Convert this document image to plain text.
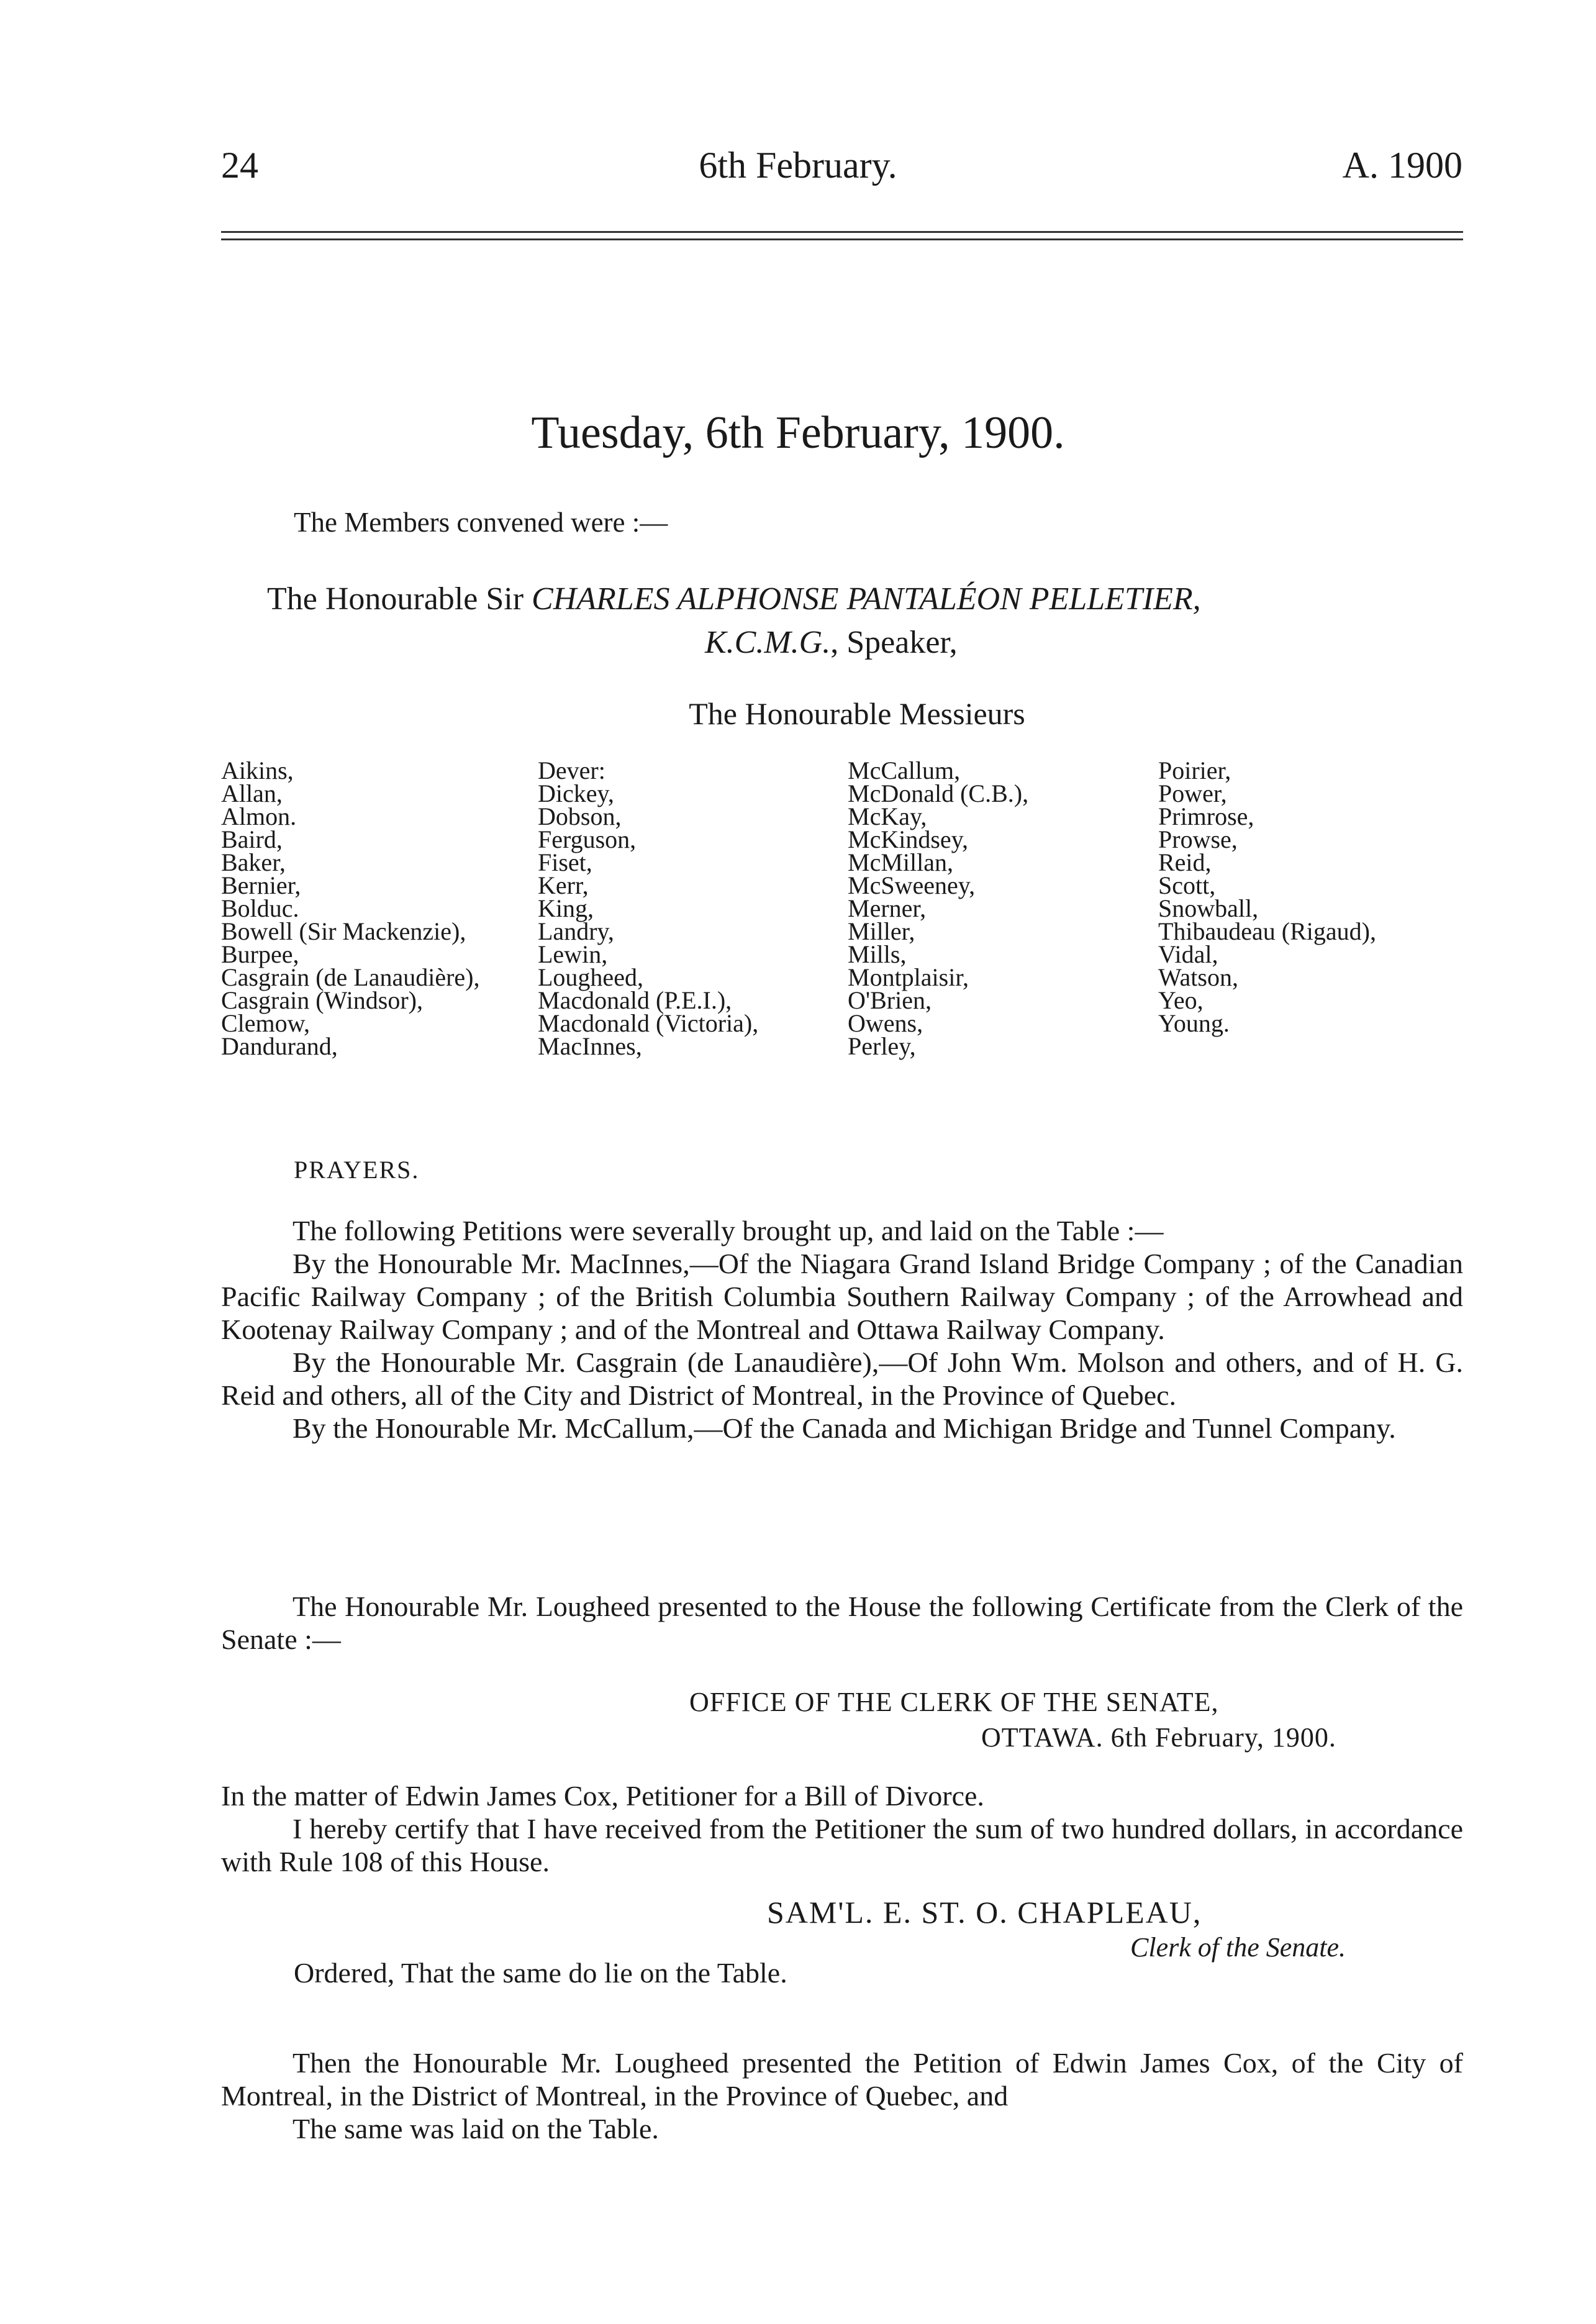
24	6th February.	A. 1900
Tuesday, 6th February, 1900.
The Members convened were :—
The Honourable Sir CHARLES ALPHONSE PANTALÉON PELLETIER,
K.C.M.G., Speaker,
The Honourable Messieurs
Aikins,
Allan,
Almon.
Baird,
Baker,
Bernier,
Bolduc.
Bowell (Sir Mackenzie),
Burpee,
Casgrain (de Lanaudière),
Casgrain (Windsor),
Clemow,
Dandurand,
Dever:
Dickey,
Dobson,
Ferguson,
Fiset,
Kerr,
King,
Landry,
Lewin,
Lougheed,
Macdonald (P.E.I.),
Macdonald (Victoria),
MacInnes,
McCallum,
McDonald (C.B.),
McKay,
McKindsey,
McMillan,
McSweeney,
Merner,
Miller,
Mills,
Montplaisir,
O'Brien,
Owens,
Perley,
Poirier,
Power,
Primrose,
Prowse,
Reid,
Scott,
Snowball,
Thibaudeau (Rigaud),
Vidal,
Watson,
Yeo,
Young.
PRAYERS.

The following Petitions were severally brought up, and laid on the Table :—

By the Honourable Mr. MacInnes,—Of the Niagara Grand Island Bridge Company ; of the Canadian Pacific Railway Company ; of the British Columbia Southern Railway Company ; of the Arrowhead and Kootenay Railway Company ; and of the Montreal and Ottawa Railway Company.

By the Honourable Mr. Casgrain (de Lanaudière),—Of John Wm. Molson and others, and of H. G. Reid and others, all of the City and District of Montreal, in the Province of Quebec.

By the Honourable Mr. McCallum,—Of the Canada and Michigan Bridge and Tunnel Company.

The Honourable Mr. Lougheed presented to the House the following Certificate from the Clerk of the Senate :—

OFFICE OF THE CLERK OF THE SENATE,
OTTAWA. 6th February, 1900.

In the matter of Edwin James Cox, Petitioner for a Bill of Divorce.

I hereby certify that I have received from the Petitioner the sum of two hundred dollars, in accordance with Rule 108 of this House.

SAM'L. E. ST. O. CHAPLEAU,
Clerk of the Senate.
Ordered, That the same do lie on the Table.

Then the Honourable Mr. Lougheed presented the Petition of Edwin James Cox, of the City of Montreal, in the District of Montreal, in the Province of Quebec, and

The same was laid on the Table.
